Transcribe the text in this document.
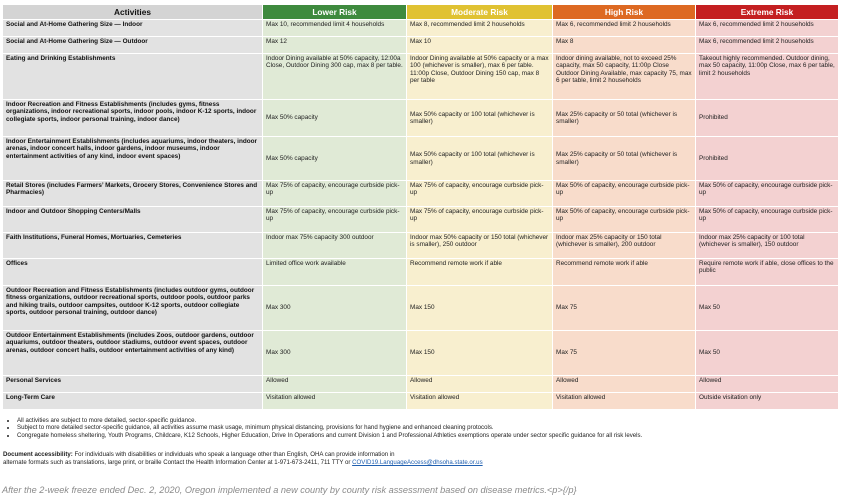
Activities	Lower Risk	Moderate Risk	High Risk	Extreme Risk
Social and At-Home Gathering Size — Indoor	Max 10, recommended limit 4 households	Max 8, recommended limit 2 households	Max 6, recommended limit 2 households	Max 6, recommended limit 2 households
Social and At-Home Gathering Size — Outdoor	Max 12	Max 10	Max 8	Max 6, recommended limit 2 households
Eating and Drinking Establishments	Indoor Dining available at 50% capacity, 12:00a Close, Outdoor Dining 300 cap, max 8 per table.	Indoor Dining available at 50% capacity or a max 100 (whichever is smaller), max 6 per table. 11:00p Close, Outdoor Dining 150 cap, max 8 per table	Indoor dining available, not to exceed 25% capacity, max 50 capacity, 11:00p Close Outdoor Dining Available, max capacity 75, max 6 per table, limit 2 households	Takeout highly recommended. Outdoor dining, max 50 capacity, 11:00p Close, max 6 per table, limit 2 households
Indoor Recreation and Fitness Establishments (includes gyms, fitness organizations, indoor recreational sports, indoor pools, indoor K-12 sports, indoor collegiate sports, indoor personal training, indoor dance)	Max 50% capacity	Max 50% capacity or 100 total (whichever is smaller)	Max 25% capacity or 50 total (whichever is smaller)	Prohibited
Indoor Entertainment Establishments (includes aquariums, indoor theaters, indoor arenas, indoor concert halls, indoor gardens, indoor museums, indoor entertainment activities of any kind, indoor event spaces)	Max 50% capacity	Max 50% capacity or 100 total (whichever is smaller)	Max 25% capacity or 50 total (whichever is smaller)	Prohibited
Retail Stores (includes Farmers’ Markets, Grocery Stores, Convenience Stores and Pharmacies)	Max 75% of capacity, encourage curbside pick-up	Max 75% of capacity, encourage curbside pick-up	Max 50% of capacity, encourage curbside pick-up	Max 50% of capacity, encourage curbside pick-up
Indoor and Outdoor Shopping Centers/Malls	Max 75% of capacity, encourage curbside pick-up	Max 75% of capacity, encourage curbside pick-up	Max 50% of capacity, encourage curbside pick-up	Max 50% of capacity, encourage curbside pick-up
Faith Institutions, Funeral Homes, Mortuaries, Cemeteries	Indoor max 75% capacity 300 outdoor	Indoor max 50% capacity or 150 total (whichever is smaller), 250 outdoor	Indoor max 25% capacity or 150 total (whichever is smaller), 200 outdoor	Indoor max 25% capacity or 100 total (whichever is smaller), 150 outdoor
Offices	Limited office work available	Recommend remote work if able	Recommend remote work if able	Require remote work if able, close offices to the public
Outdoor Recreation and Fitness Establishments (includes outdoor gyms, outdoor fitness organizations, outdoor recreational sports, outdoor pools, outdoor parks and hiking trails, outdoor campsites, outdoor K-12 sports, outdoor collegiate sports, outdoor personal training, outdoor dance)	Max 300	Max 150	Max 75	Max 50
Outdoor Entertainment Establishments (includes Zoos, outdoor gardens, outdoor aquariums, outdoor theaters, outdoor stadiums, outdoor event spaces, outdoor arenas, outdoor concert halls, outdoor entertainment activities of any kind)	Max 300	Max 150	Max 75	Max 50
Personal Services	Allowed	Allowed	Allowed	Allowed
Long-Term Care	Visitation allowed	Visitation allowed	Visitation allowed	Outside visitation only
• All activities are subject to more detailed, sector-specific guidance.
• Subject to more detailed sector-specific guidance, all activities assume mask usage, minimum physical distancing, provisions for hand hygiene and enhanced cleaning protocols.
• Congregate homeless sheltering, Youth Programs, Childcare, K12 Schools, Higher Education, Drive In Operations and current Division 1 and Professional Athletics exemptions operate under sector specific guidance for all risk levels.
Document accessibility: For individuals with disabilities or individuals who speak a language other than English, OHA can provide information in
alternate formats such as translations, large print, or braille Contact the Health Information Center at 1-971-673-2411, 711 TTY or COVID19.LanguageAccess@dhsoha.state.or.us
After the 2-week freeze ended Dec. 2, 2020, Oregon implemented a new county by county risk assessment based on disease metrics.<p>{/p}
